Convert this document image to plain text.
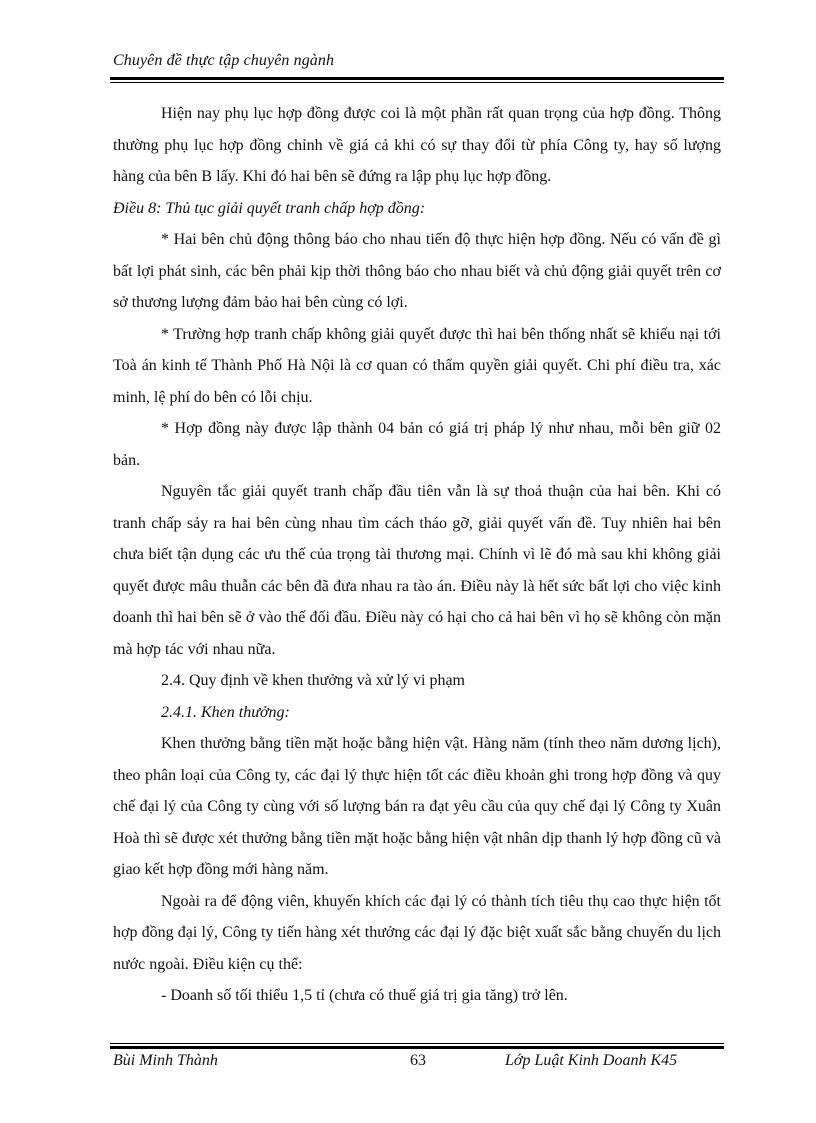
Chuyên đề thực tập chuyên ngành

Hiện nay phụ lục hợp đồng được coi là một phần rất quan trọng của hợp đồng. Thông thường phụ lục hợp đồng chỉnh về giá cả khi có sự thay đổi từ phía Công ty, hay số lượng hàng của bên B lấy. Khi đó hai bên sẽ đứng ra lập phụ lục hợp đồng.

Điều 8: Thủ tục giải quyết tranh chấp hợp đồng:

* Hai bên chủ động thông báo cho nhau tiến độ thực hiện hợp đồng. Nếu có vấn đề gì bất lợi phát sinh, các bên phải kịp thời thông báo cho nhau biết và chủ động giải quyết trên cơ sở thương lượng đảm bảo hai bên cùng có lợi.

* Trường hợp tranh chấp không giải quyết được thì hai bên thống nhất sẽ khiếu nại tới Toà án kinh tế Thành Phố Hà Nội là cơ quan có thẩm quyền giải quyết. Chi phí điều tra, xác minh, lệ phí do bên có lỗi chịu.

* Hợp đồng này được lập thành 04 bản có giá trị pháp lý như nhau, mỗi bên giữ 02 bản.

Nguyên tắc giải quyết tranh chấp đầu tiên vẫn là sự thoả thuận của hai bên. Khi có tranh chấp sảy ra hai bên cùng nhau tìm cách tháo gỡ, giải quyết vấn đề. Tuy nhiên hai bên chưa biết tận dụng các ưu thế của trọng tài thương mại. Chính vì lẽ đó mà sau khi không giải quyết được mâu thuẫn các bên đã đưa nhau ra tào án. Điều này là hết sức bất lợi cho việc kinh doanh thì hai bên sẽ ở vào thế đối đầu. Điều này có hại cho cả hai bên vì họ sẽ không còn mặn mà hợp tác với nhau nữa.

2.4. Quy định về khen thưởng và xử lý vi phạm

2.4.1. Khen thưởng:

Khen thưởng bằng tiền mặt hoặc bằng hiện vật. Hàng năm (tính theo năm dương lịch), theo phân loại của Công ty, các đại lý thực hiện tốt các điều khoản ghi trong hợp đồng và quy chế đại lý của Công ty cùng với số lượng bán ra đạt yêu cầu của quy chế đại lý Công ty Xuân Hoà thì sẽ được xét thưởng bằng tiền mặt hoặc bằng hiện vật nhân dịp thanh lý hợp đồng cũ và giao kết hợp đồng mới hàng năm.

Ngoài ra để động viên, khuyến khích các đại lý có thành tích tiêu thụ cao thực hiện tốt hợp đồng đại lý, Công ty tiến hàng xét thưởng các đại lý đặc biệt xuất sắc bằng chuyến du lịch nước ngoài. Điều kiện cụ thể:

- Doanh số tối thiểu 1,5 tỉ (chưa có thuế giá trị gia tăng) trở lên.

Bùi Minh Thành	63	Lớp Luật Kinh Doanh K45
